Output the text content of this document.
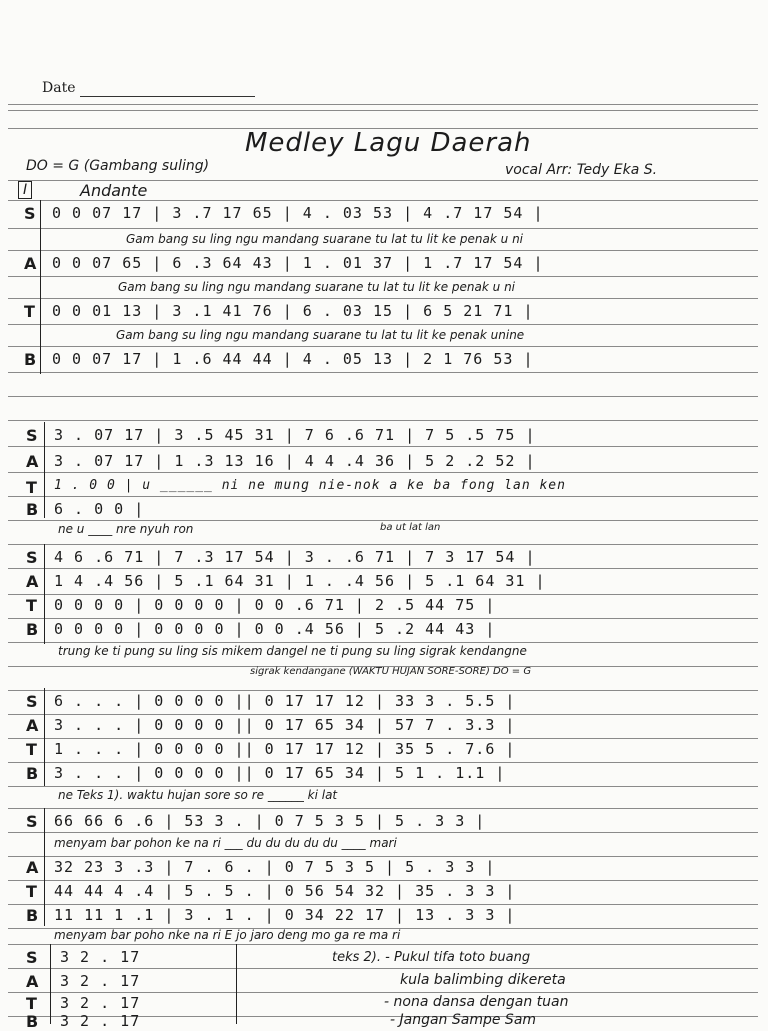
Date
Medley Lagu Daerah
DO = G (Gambang suling)	vocal Arr: Tedy Eka S.
I	Andante
S 0 0 07 17 | 3 .7 17 65 | 4 . 03 53 | 4 .7 17 54 |
Gam bang su ling ngu mandang suarane tu lat tu lit ke penak u ni
A 0 0 07 65 | 6 .3 64 43 | 1 . 01 37 | 1 .7 17 54 |
Gam bang su ling ngu mandang suarane tu lat tu lit ke penak u ni
T	0 0 01 13 | 3 .1 41 76 | 6 . 03 15 | 6 5 21 71 |
Gam bang su ling ngu mandang suarane tu lat tu lit ke penak unine
B 0 0 07 17 | 1 .6 44 44 | 4 . 05 13 | 2 1 76 53 |
S 3 . 07 17 | 3 .5 45 31 | 7 6 .6 71 | 7 5 .5 75 |
A 3 . 07 17 | 1 .3 13 16 | 4 4 .4 36 | 5 2 .2 52 |
T	1 . 0 0 | u ______ ni ne mung nie-nok a ke ba fong lan ken
B 6 . 0 0 |
ne u ____ nre nyuh ron	ba ut lat lan
S 4 6 .6 71 | 7 .3 17 54 | 3 . .6 71 | 7 3 17 54 |
A 1 4 .4 56 | 5 .1 64 31 | 1 . .4 56 | 5 .1 64 31 |
T	0 0 0 0 | 0 0 0 0 | 0 0 .6 71 | 2 .5 44 75 |
B 0 0 0 0 | 0 0 0 0 | 0 0 .4 56 | 5 .2 44 43 |
trung ke ti pung su ling sis mikem dangel ne ti pung su ling sigrak kendangne
sigrak kendangane (WAKTU HUJAN SORE-SORE) DO = G
S 6 . . . | 0 0 0 0 || 0 17 17 12 | 33 3 . 5.5 |
A 3 . . . | 0 0 0 0 || 0 17 65 34 | 57 7 . 3.3 |
T	1 . . . | 0 0 0 0 || 0 17 17 12 | 35 5 . 7.6 |
B 3 . . . | 0 0 0 0 || 0 17 65 34 | 5 1 . 1.1 |
ne Teks 1). waktu hujan sore so re ______ ki lat
S 66 66 6 .6 | 53 3 . | 0 7 5 3 5 | 5 . 3 3 |
menyam bar pohon ke na ri ___ du du du du du ____ mari
A 32 23 3 .3 | 7 . 6 . | 0 7 5 3 5 | 5 . 3 3 |
T	44 44 4 .4 | 5 . 5 . | 0 56 54 32 | 35 . 3 3 |
B 11 11 1 .1 | 3 . 1 . | 0 34 22 17 | 13 . 3 3 |
menyam bar poho nke na ri E jo jaro deng mo ga re ma ri
S 3 2 . 17
A 3 2 . 17
T	3 2 . 17
B 3 2 . 17
teks 2). - Pukul tifa toto buang
kula balimbing dikereta
- nona dansa dengan tuan
- Jangan Sampe Sam
